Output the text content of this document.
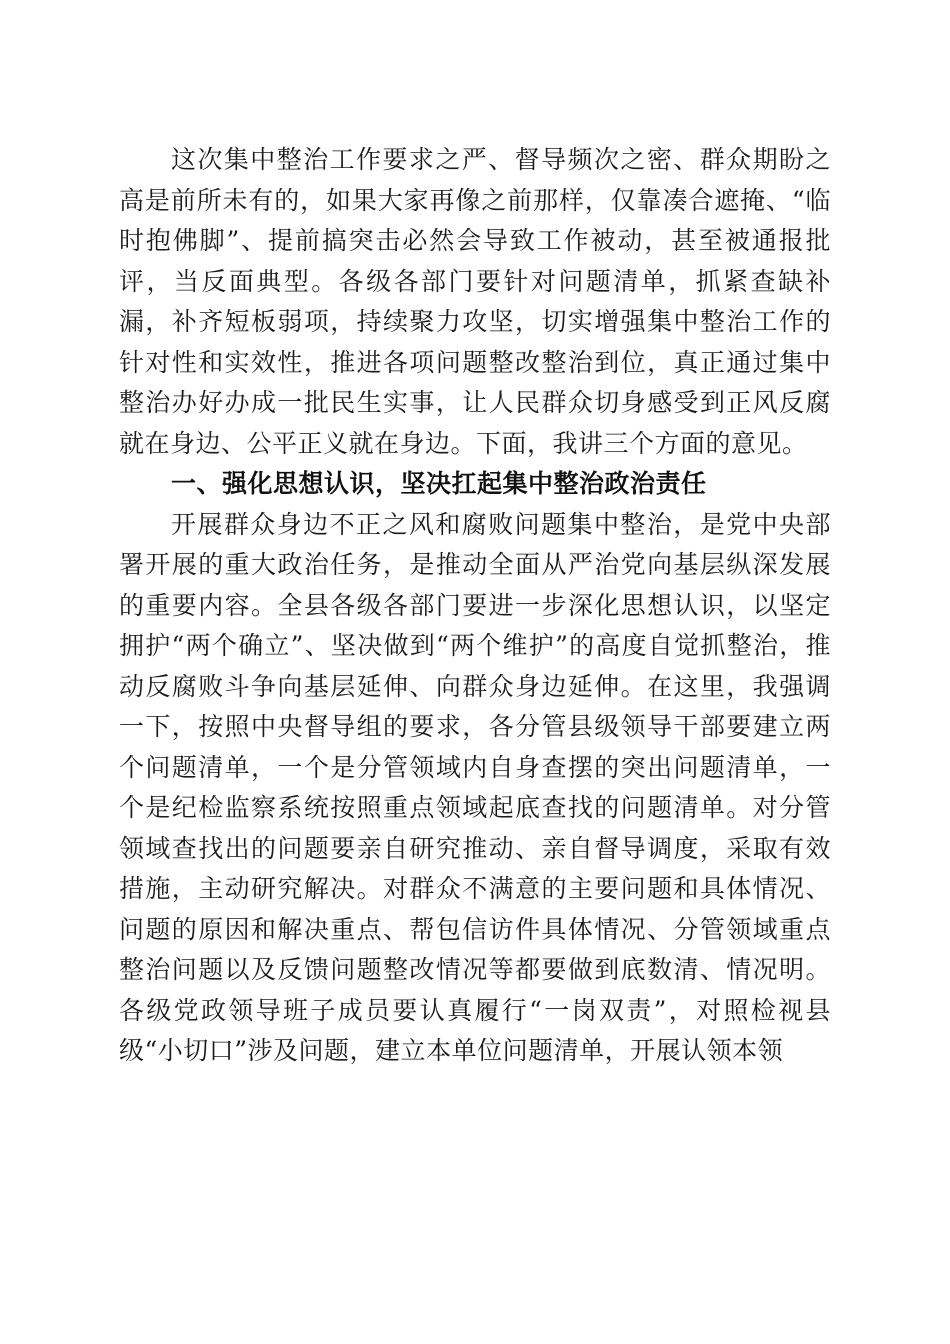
这次集中整治工作要求之严、督导频次之密、群众期盼之高是前所未有的，如果大家再像之前那样，仅靠凑合遮掩、“临时抱佛脚”、提前搞突击必然会导致工作被动，甚至被通报批评，当反面典型。各级各部门要针对问题清单，抓紧查缺补漏，补齐短板弱项，持续聚力攻坚，切实增强集中整治工作的针对性和实效性，推进各项问题整改整治到位，真正通过集中整治办好办成一批民生实事，让人民群众切身感受到正风反腐就在身边、公平正义就在身边。下面，我讲三个方面的意见。

一、强化思想认识，坚决扛起集中整治政治责任

开展群众身边不正之风和腐败问题集中整治，是党中央部署开展的重大政治任务，是推动全面从严治党向基层纵深发展的重要内容。全县各级各部门要进一步深化思想认识，以坚定拥护“两个确立”、坚决做到“两个维护”的高度自觉抓整治，推动反腐败斗争向基层延伸、向群众身边延伸。在这里，我强调一下，按照中央督导组的要求，各分管县级领导干部要建立两个问题清单，一个是分管领域内自身查摆的突出问题清单，一个是纪检监察系统按照重点领域起底查找的问题清单。对分管领域查找出的问题要亲自研究推动、亲自督导调度，采取有效措施，主动研究解决。对群众不满意的主要问题和具体情况、问题的原因和解决重点、帮包信访件具体情况、分管领域重点整治问题以及反馈问题整改情况等都要做到底数清、情况明。各级党政领导班子成员要认真履行“一岗双责”，对照检视县级“小切口”涉及问题，建立本单位问题清单，开展认领本领
